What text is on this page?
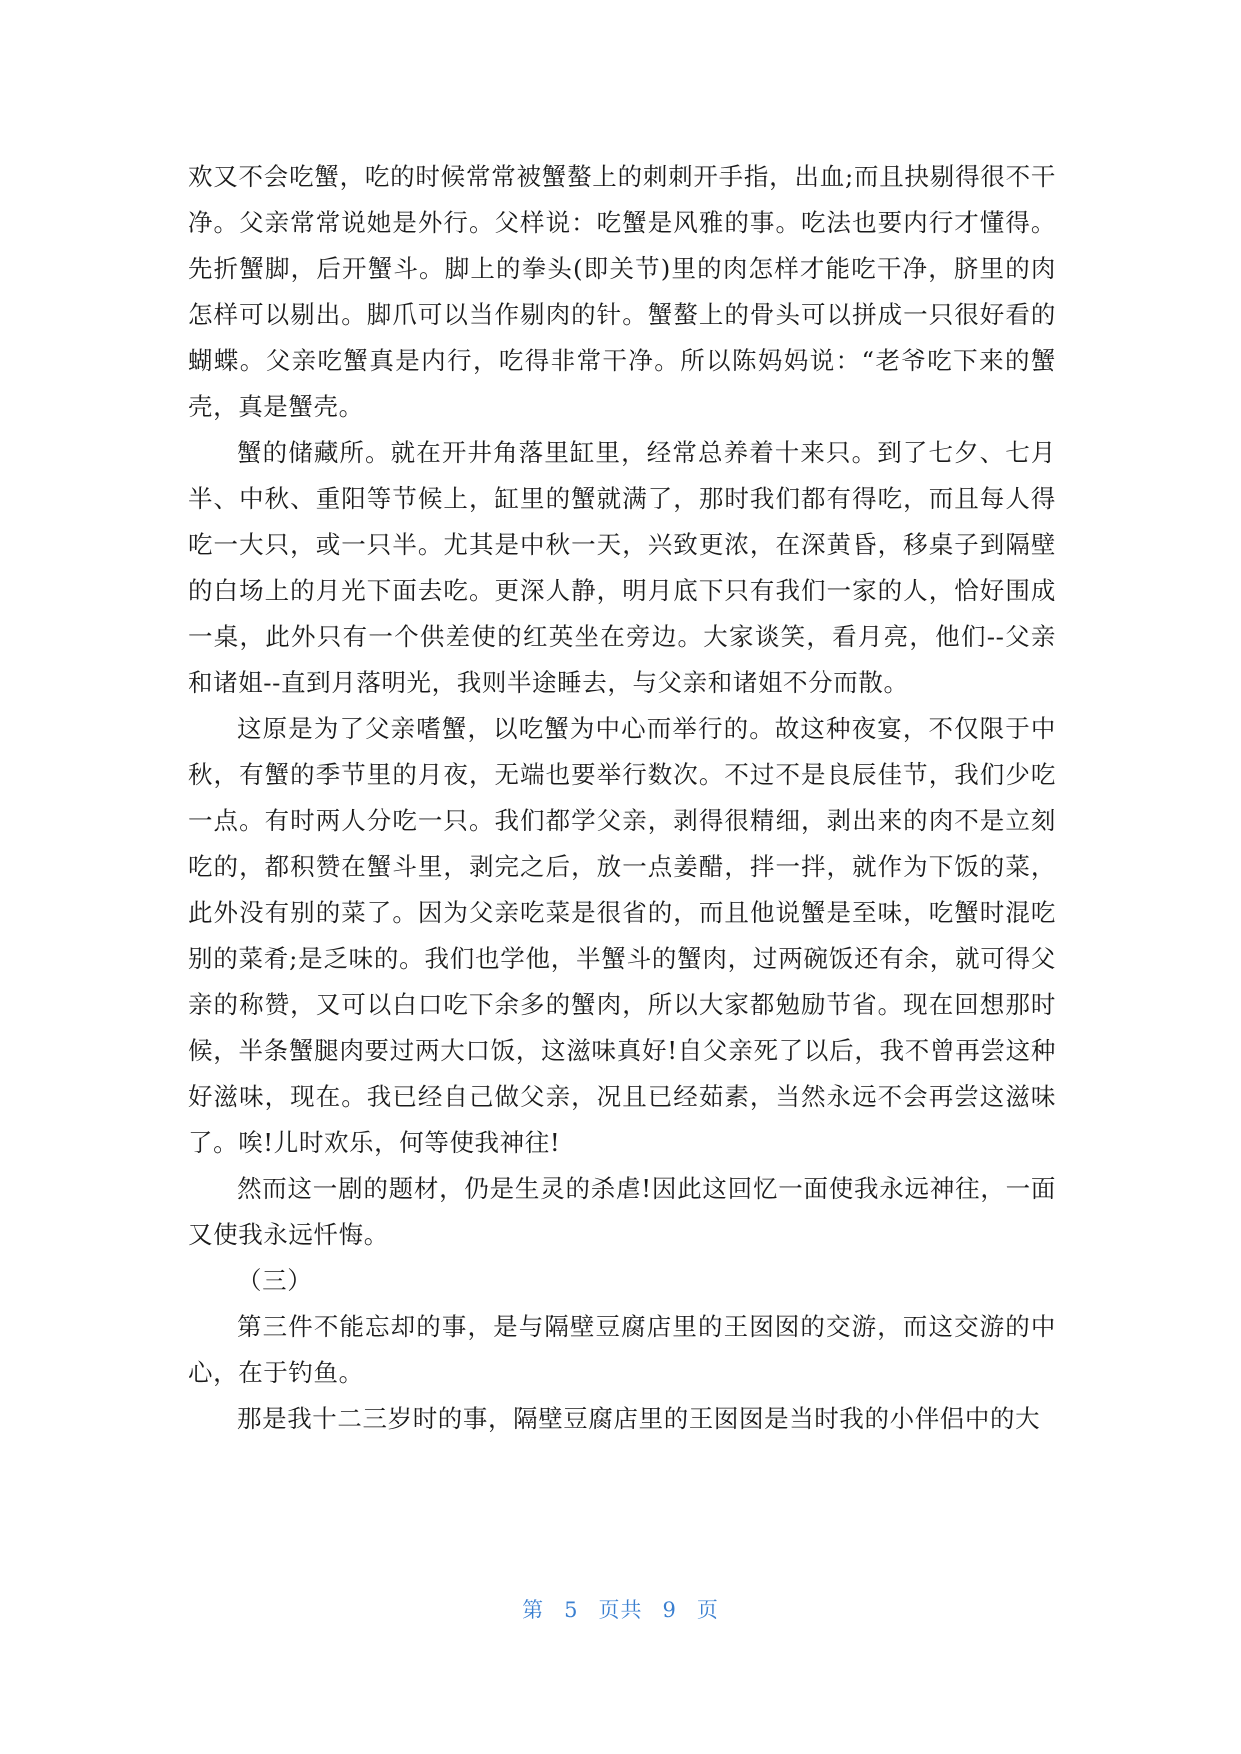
欢又不会吃蟹，吃的时候常常被蟹螯上的刺刺开手指，出血;而且抉剔得很不干净。父亲常常说她是外行。父样说：吃蟹是风雅的事。吃法也要内行才懂得。先折蟹脚，后开蟹斗。脚上的拳头(即关节)里的肉怎样才能吃干净，脐里的肉怎样可以剔出。脚爪可以当作剔肉的针。蟹螯上的骨头可以拼成一只很好看的蝴蝶。父亲吃蟹真是内行，吃得非常干净。所以陈妈妈说：“老爷吃下来的蟹壳，真是蟹壳。

蟹的储藏所。就在开井角落里缸里，经常总养着十来只。到了七夕、七月半、中秋、重阳等节候上，缸里的蟹就满了，那时我们都有得吃，而且每人得吃一大只，或一只半。尤其是中秋一天，兴致更浓，在深黄昏，移桌子到隔壁的白场上的月光下面去吃。更深人静，明月底下只有我们一家的人，恰好围成一桌，此外只有一个供差使的红英坐在旁边。大家谈笑，看月亮，他们--父亲和诸姐--直到月落明光，我则半途睡去，与父亲和诸姐不分而散。

这原是为了父亲嗜蟹，以吃蟹为中心而举行的。故这种夜宴，不仅限于中秋，有蟹的季节里的月夜，无端也要举行数次。不过不是良辰佳节，我们少吃一点。有时两人分吃一只。我们都学父亲，剥得很精细，剥出来的肉不是立刻吃的，都积赞在蟹斗里，剥完之后，放一点姜醋，拌一拌，就作为下饭的菜，此外没有别的菜了。因为父亲吃菜是很省的，而且他说蟹是至味，吃蟹时混吃别的菜肴;是乏味的。我们也学他，半蟹斗的蟹肉，过两碗饭还有余，就可得父亲的称赞，又可以白口吃下余多的蟹肉，所以大家都勉励节省。现在回想那时候，半条蟹腿肉要过两大口饭，这滋味真好!自父亲死了以后，我不曾再尝这种好滋味，现在。我已经自己做父亲，况且已经茹素，当然永远不会再尝这滋味了。唉!儿时欢乐，何等使我神往!

然而这一剧的题材，仍是生灵的杀虐!因此这回忆一面使我永远神往，一面又使我永远忏悔。

（三）

第三件不能忘却的事，是与隔壁豆腐店里的王囡囡的交游，而这交游的中心，在于钓鱼。

那是我十二三岁时的事，隔壁豆腐店里的王囡囡是当时我的小伴侣中的大

第 5 页共 9 页
